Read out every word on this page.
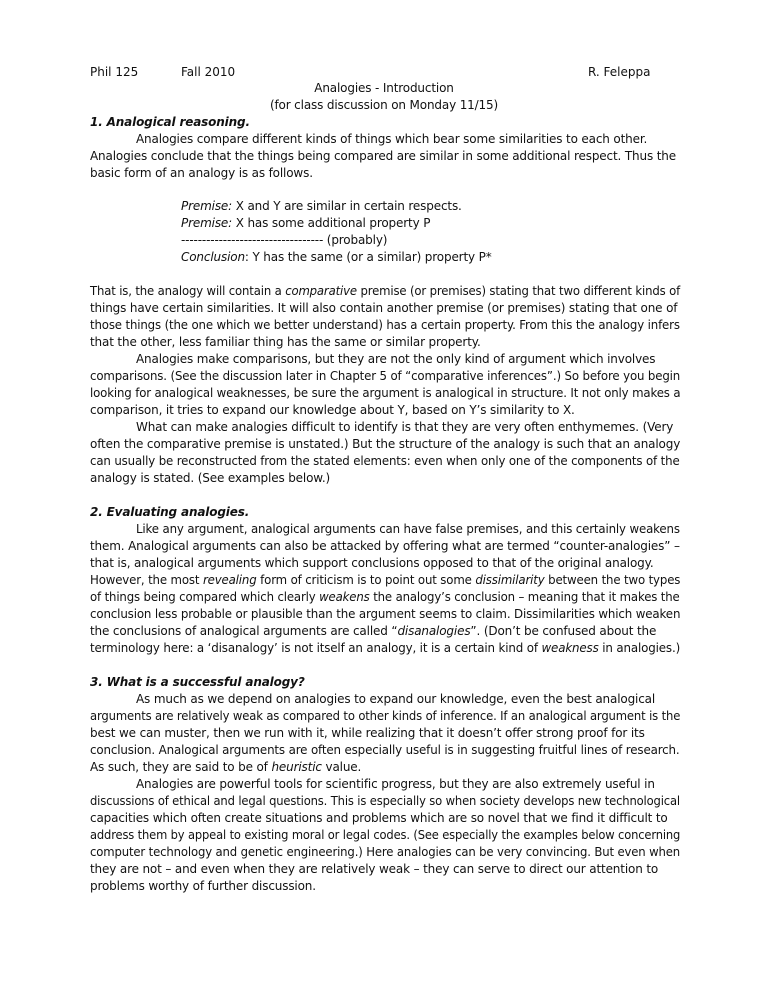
Phil 125	Fall 2010	R. Feleppa
Analogies - Introduction
(for class discussion on Monday 11/15)
1. Analogical reasoning.
Analogies compare different kinds of things which bear some similarities to each other.
Analogies conclude that the things being compared are similar in some additional respect. Thus the
basic form of an analogy is as follows.
Premise: X and Y are similar in certain respects.
Premise: X has some additional property P
---------------------------------- (probably)
Conclusion: Y has the same (or a similar) property P*
That is, the analogy will contain a comparative premise (or premises) stating that two different kinds of
things have certain similarities. It will also contain another premise (or premises) stating that one of
those things (the one which we better understand) has a certain property. From this the analogy infers
that the other, less familiar thing has the same or similar property.
Analogies make comparisons, but they are not the only kind of argument which involves
comparisons. (See the discussion later in Chapter 5 of “comparative inferences”.) So before you begin
looking for analogical weaknesses, be sure the argument is analogical in structure. It not only makes a
comparison, it tries to expand our knowledge about Y, based on Y’s similarity to X.
What can make analogies difficult to identify is that they are very often enthymemes. (Very
often the comparative premise is unstated.) But the structure of the analogy is such that an analogy
can usually be reconstructed from the stated elements: even when only one of the components of the
analogy is stated. (See examples below.)
2. Evaluating analogies.
Like any argument, analogical arguments can have false premises, and this certainly weakens
them. Analogical arguments can also be attacked by offering what are termed “counter-analogies” –
that is, analogical arguments which support conclusions opposed to that of the original analogy.
However, the most revealing form of criticism is to point out some dissimilarity between the two types
of things being compared which clearly weakens the analogy’s conclusion – meaning that it makes the
conclusion less probable or plausible than the argument seems to claim. Dissimilarities which weaken
the conclusions of analogical arguments are called “disanalogies”. (Don’t be confused about the
terminology here: a ‘disanalogy’ is not itself an analogy, it is a certain kind of weakness in analogies.)
3. What is a successful analogy?
As much as we depend on analogies to expand our knowledge, even the best analogical
arguments are relatively weak as compared to other kinds of inference. If an analogical argument is the
best we can muster, then we run with it, while realizing that it doesn’t offer strong proof for its
conclusion. Analogical arguments are often especially useful is in suggesting fruitful lines of research.
As such, they are said to be of heuristic value.
Analogies are powerful tools for scientific progress, but they are also extremely useful in
discussions of ethical and legal questions. This is especially so when society develops new technological
capacities which often create situations and problems which are so novel that we find it difficult to
address them by appeal to existing moral or legal codes. (See especially the examples below concerning
computer technology and genetic engineering.) Here analogies can be very convincing. But even when
they are not – and even when they are relatively weak – they can serve to direct our attention to
problems worthy of further discussion.
